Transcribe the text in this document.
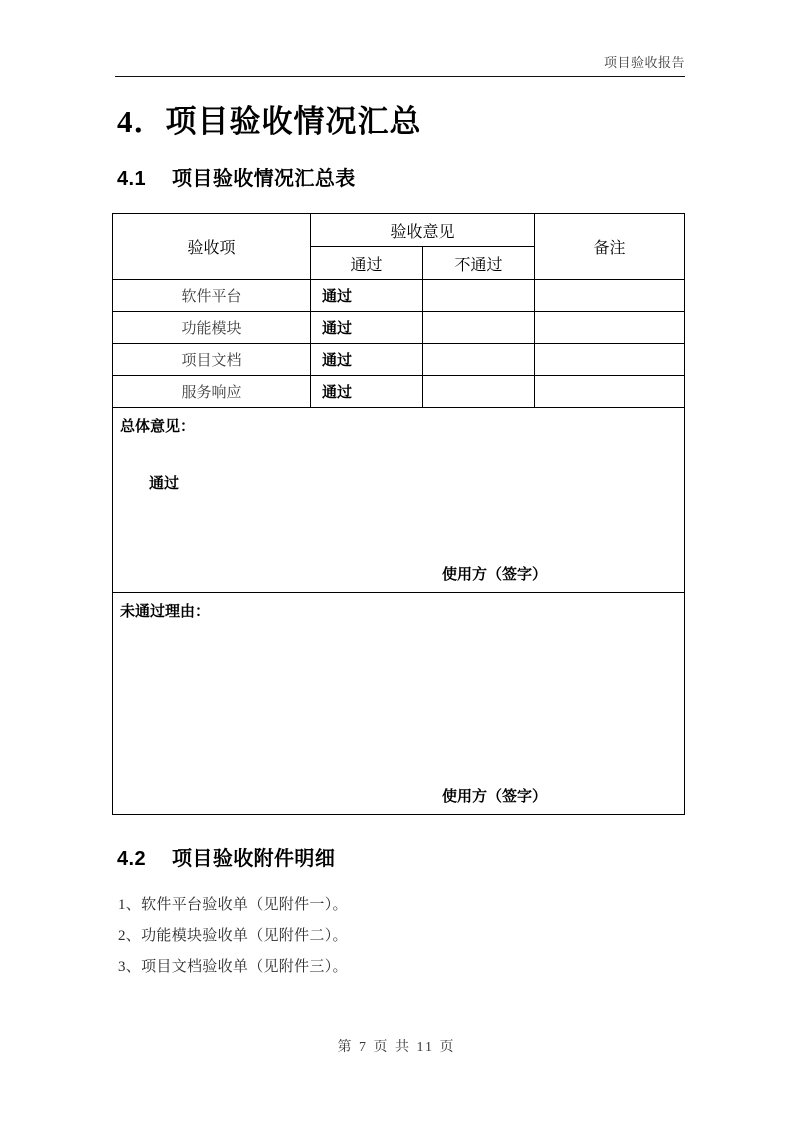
项目验收报告
4．项目验收情况汇总
4.1 项目验收情况汇总表
验收项	验收意见		备注
	通过	不通过	
软件平台	通过		
功能模块	通过		
项目文档	通过		
服务响应	通过		

总体意见：
通过
使用方（签字）			

未通过理由：
使用方（签字）			
4.2 项目验收附件明细
1、软件平台验收单（见附件一）。
2、功能模块验收单（见附件二）。
3、项目文档验收单（见附件三）。
第 7 页 共 11 页
